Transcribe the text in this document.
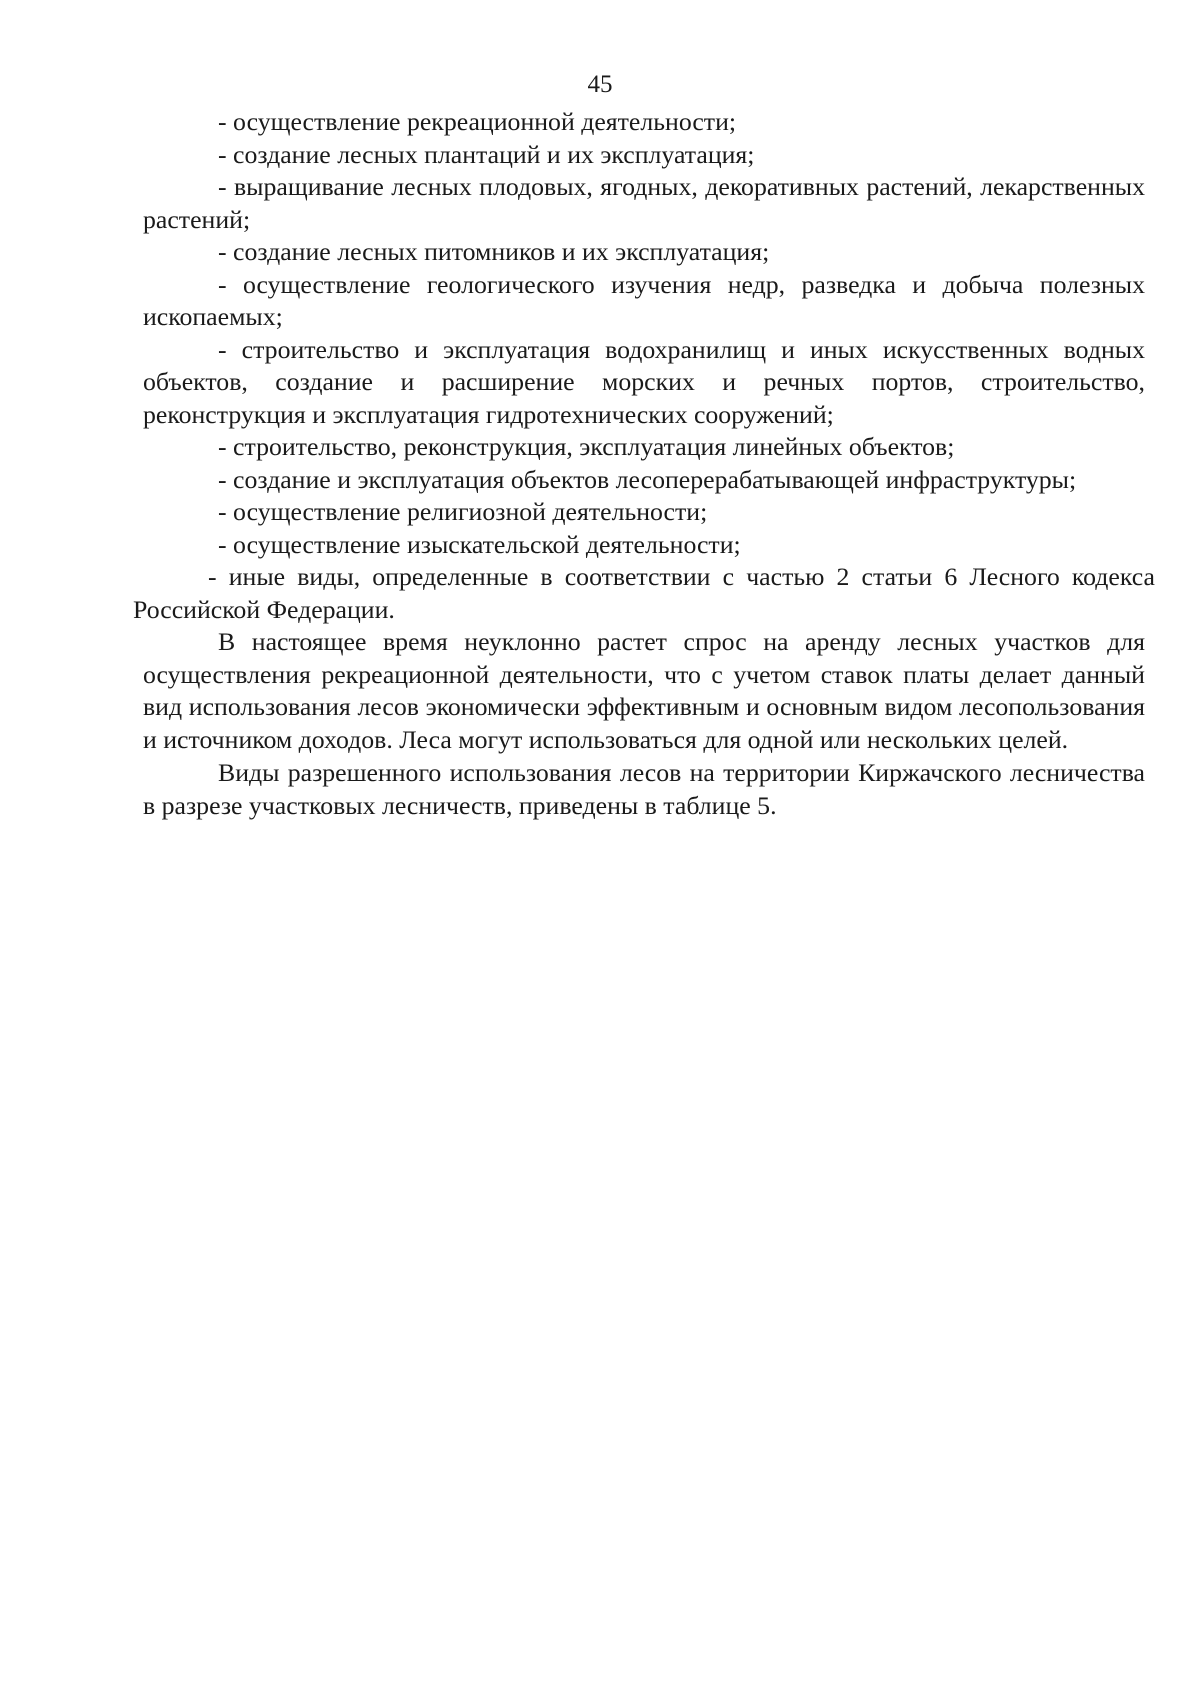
45

- осуществление рекреационной деятельности;

- создание лесных плантаций и их эксплуатация;

- выращивание лесных плодовых, ягодных, декоративных растений, лекарственных растений;

- создание лесных питомников и их эксплуатация;

- осуществление геологического изучения недр, разведка и добыча полезных ископаемых;

- строительство и эксплуатация водохранилищ и иных искусственных водных объектов, создание и расширение морских и речных портов, строительство, реконструкция и эксплуатация гидротехнических сооружений;

- строительство, реконструкция, эксплуатация линейных объектов;

- создание и эксплуатация объектов лесоперерабатывающей инфраструктуры;

- осуществление религиозной деятельности;

- осуществление изыскательской деятельности;

- иные виды, определенные в соответствии с частью 2 статьи 6 Лесного кодекса Российской Федерации.

В настоящее время неуклонно растет спрос на аренду лесных участков для осуществления рекреационной деятельности, что с учетом ставок платы делает данный вид использования лесов экономически эффективным и основным видом лесопользования и источником доходов. Леса могут использоваться для одной или нескольких целей.

Виды разрешенного использования лесов на территории Киржачского лесничества в разрезе участковых лесничеств, приведены в таблице 5.
